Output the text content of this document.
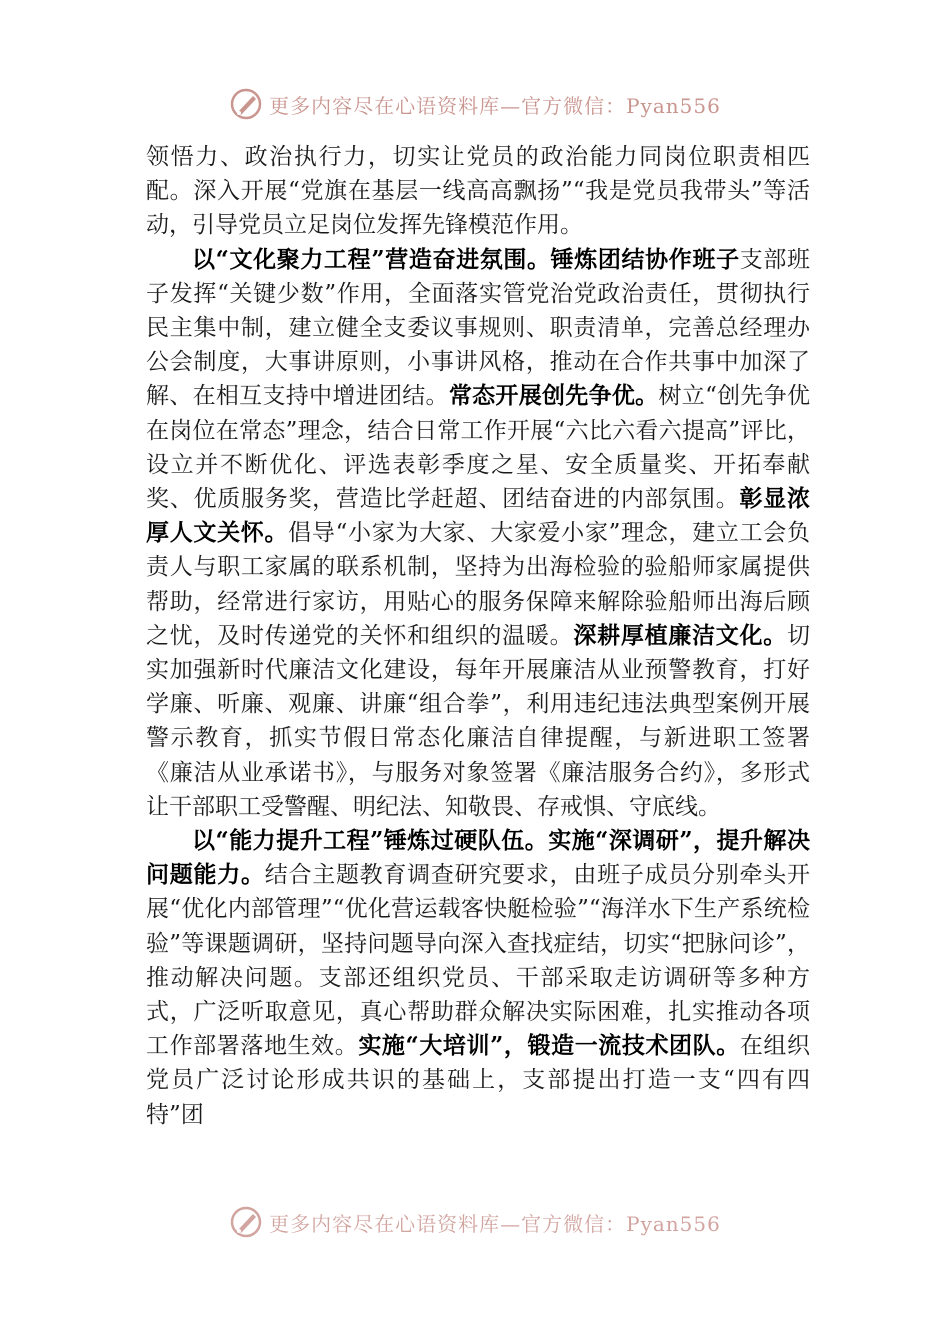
更多内容尽在心语资料库—官方微信：Pyan556

领悟力、政治执行力，切实让党员的政治能力同岗位职责相匹配。深入开展“党旗在基层一线高高飘扬”“我是党员我带头”等活动，引导党员立足岗位发挥先锋模范作用。

以“文化聚力工程”营造奋进氛围。锤炼团结协作班子支部班子发挥“关键少数”作用，全面落实管党治党政治责任，贯彻执行民主集中制，建立健全支委议事规则、职责清单，完善总经理办公会制度，大事讲原则，小事讲风格，推动在合作共事中加深了解、在相互支持中增进团结。常态开展创先争优。树立“创先争优在岗位在常态”理念，结合日常工作开展“六比六看六提高”评比，设立并不断优化、评选表彰季度之星、安全质量奖、开拓奉献奖、优质服务奖，营造比学赶超、团结奋进的内部氛围。彰显浓厚人文关怀。倡导“小家为大家、大家爱小家”理念，建立工会负责人与职工家属的联系机制，坚持为出海检验的验船师家属提供帮助，经常进行家访，用贴心的服务保障来解除验船师出海后顾之忧，及时传递党的关怀和组织的温暖。深耕厚植廉洁文化。切实加强新时代廉洁文化建设，每年开展廉洁从业预警教育，打好学廉、听廉、观廉、讲廉“组合拳”，利用违纪违法典型案例开展警示教育，抓实节假日常态化廉洁自律提醒，与新进职工签署《廉洁从业承诺书》，与服务对象签署《廉洁服务合约》，多形式让干部职工受警醒、明纪法、知敬畏、存戒惧、守底线。

以“能力提升工程”锤炼过硬队伍。实施“深调研”，提升解决问题能力。结合主题教育调查研究要求，由班子成员分别牵头开展“优化内部管理”“优化营运载客快艇检验”“海洋水下生产系统检验”等课题调研，坚持问题导向深入查找症结，切实“把脉问诊”，推动解决问题。支部还组织党员、干部采取走访调研等多种方式，广泛听取意见，真心帮助群众解决实际困难，扎实推动各项工作部署落地生效。实施“大培训”，锻造一流技术团队。在组织党员广泛讨论形成共识的基础上，支部提出打造一支“四有四特”团

更多内容尽在心语资料库—官方微信：Pyan556
